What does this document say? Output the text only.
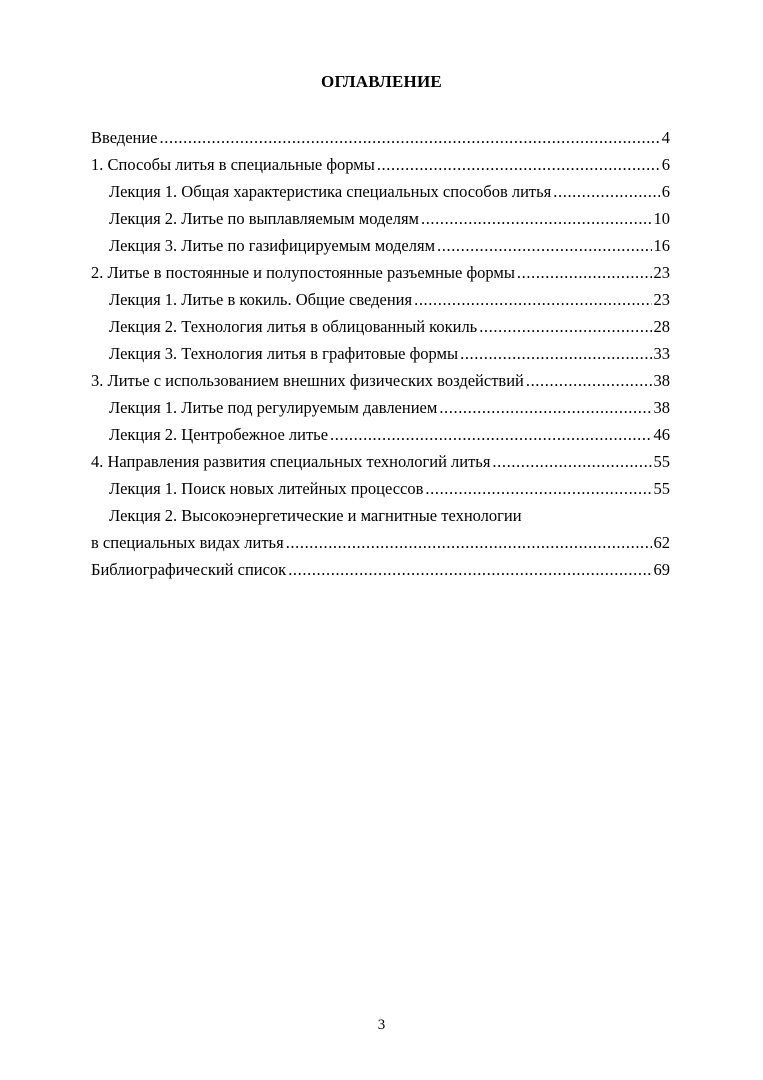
ОГЛАВЛЕНИЕ
Введение .....	4
1. Способы литья в специальные формы .....	6
Лекция 1. Общая характеристика специальных способов литья .....	6
Лекция 2. Литье по выплавляемым моделям .....	10
Лекция 3. Литье по газифицируемым моделям .....	16
2. Литье в постоянные и полупостоянные разъемные формы .....	23
Лекция 1. Литье в кокиль. Общие сведения .....	23
Лекция 2. Технология литья в облицованный кокиль .....	28
Лекция 3. Технология литья в графитовые формы .....	33
3. Литье с использованием внешних физических воздействий .....	38
Лекция 1. Литье под регулируемым давлением .....	38
Лекция 2. Центробежное литье .....	46
4. Направления развития специальных технологий литья .....	55
Лекция 1. Поиск новых литейных процессов .....	55
Лекция 2. Высокоэнергетические и магнитные технологии
в специальных видах литья .....	62
Библиографический список .....	69
3
